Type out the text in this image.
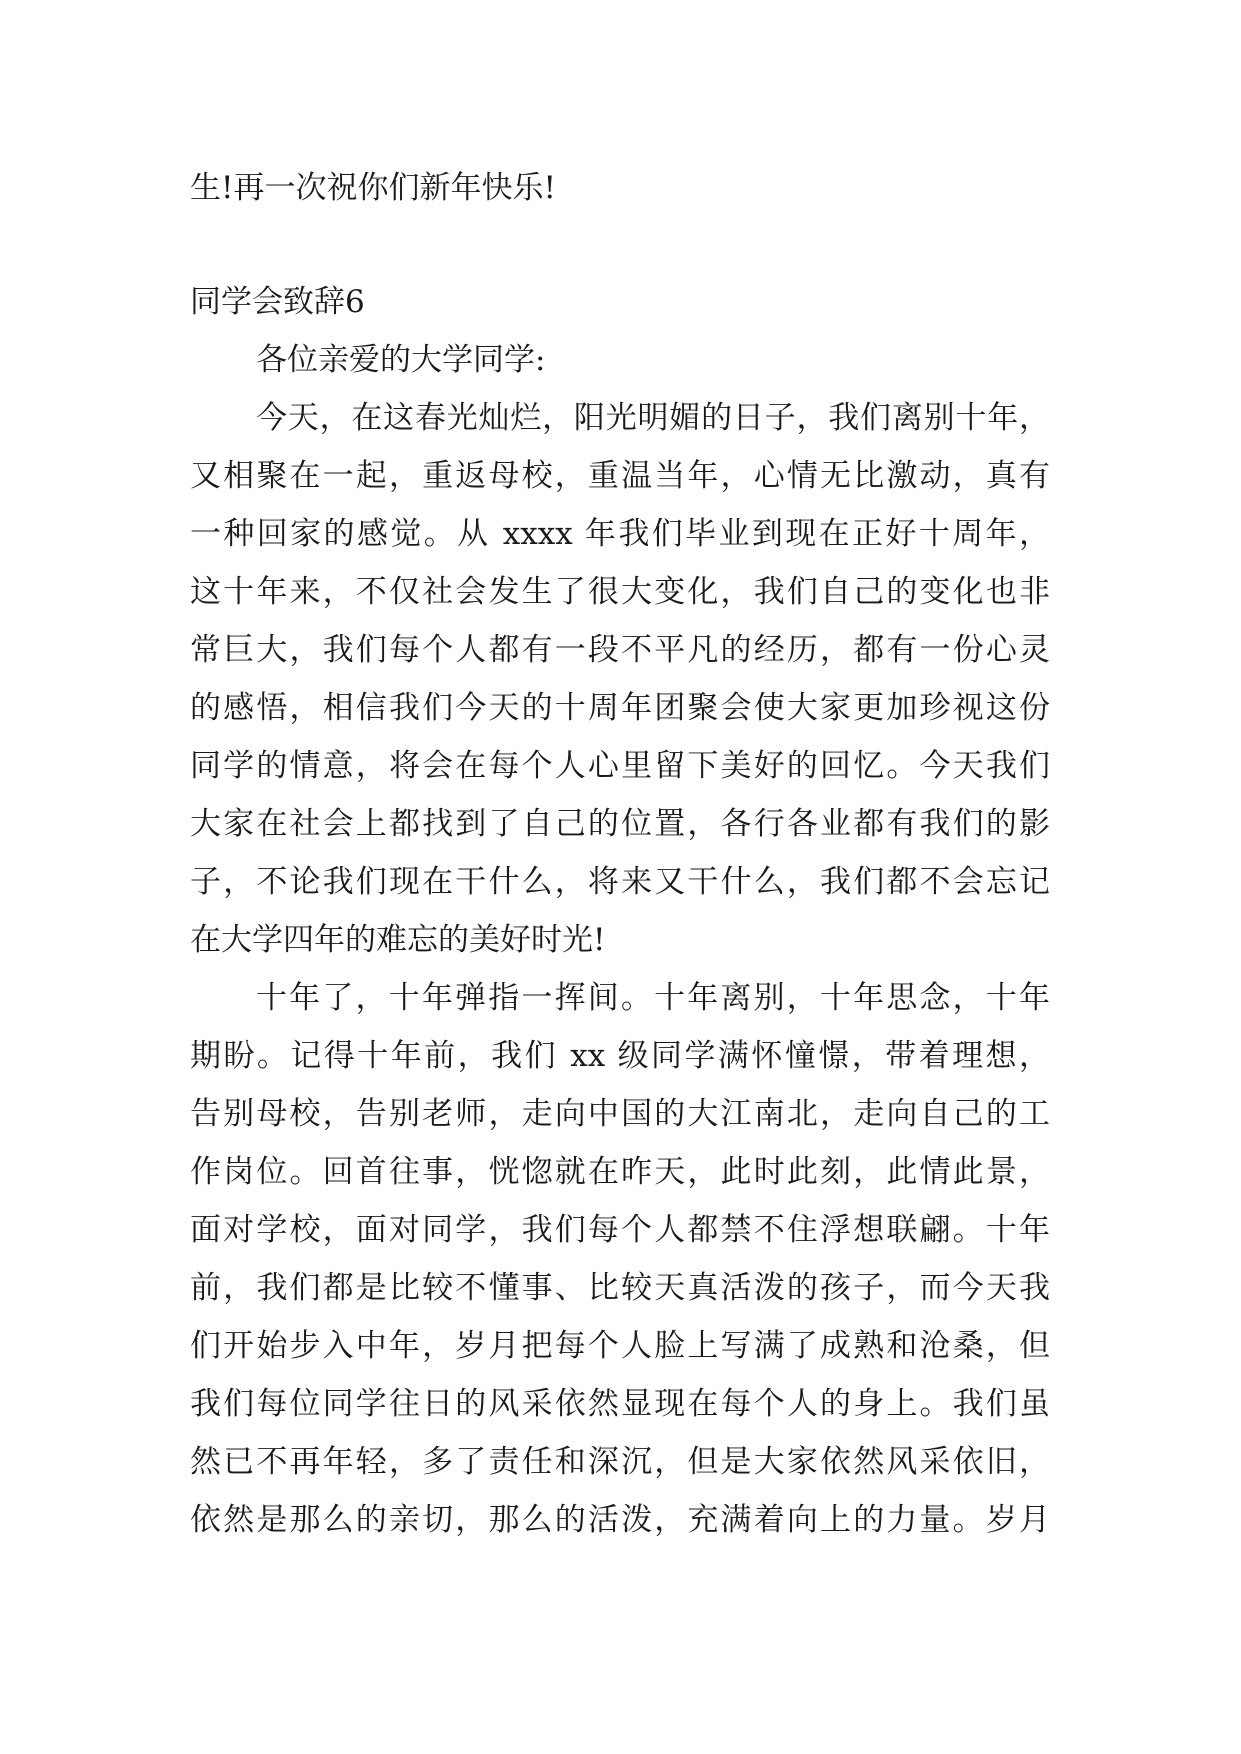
生!再一次祝你们新年快乐!
同学会致辞6
各位亲爱的大学同学:
今天，在这春光灿烂，阳光明媚的日子，我们离别十年，
又相聚在一起，重返母校，重温当年，心情无比激动，真有
一种回家的感觉。从 xxxx 年我们毕业到现在正好十周年，
这十年来，不仅社会发生了很大变化，我们自己的变化也非
常巨大，我们每个人都有一段不平凡的经历，都有一份心灵
的感悟，相信我们今天的十周年团聚会使大家更加珍视这份
同学的情意，将会在每个人心里留下美好的回忆。今天我们
大家在社会上都找到了自己的位置，各行各业都有我们的影
子，不论我们现在干什么，将来又干什么，我们都不会忘记
在大学四年的难忘的美好时光!
十年了，十年弹指一挥间。十年离别，十年思念，十年
期盼。记得十年前，我们 xx 级同学满怀憧憬，带着理想，
告别母校，告别老师，走向中国的大江南北，走向自己的工
作岗位。回首往事，恍惚就在昨天，此时此刻，此情此景，
面对学校，面对同学，我们每个人都禁不住浮想联翩。十年
前，我们都是比较不懂事、比较天真活泼的孩子，而今天我
们开始步入中年，岁月把每个人脸上写满了成熟和沧桑，但
我们每位同学往日的风采依然显现在每个人的身上。我们虽
然已不再年轻，多了责任和深沉，但是大家依然风采依旧，
依然是那么的亲切，那么的活泼，充满着向上的力量。岁月
